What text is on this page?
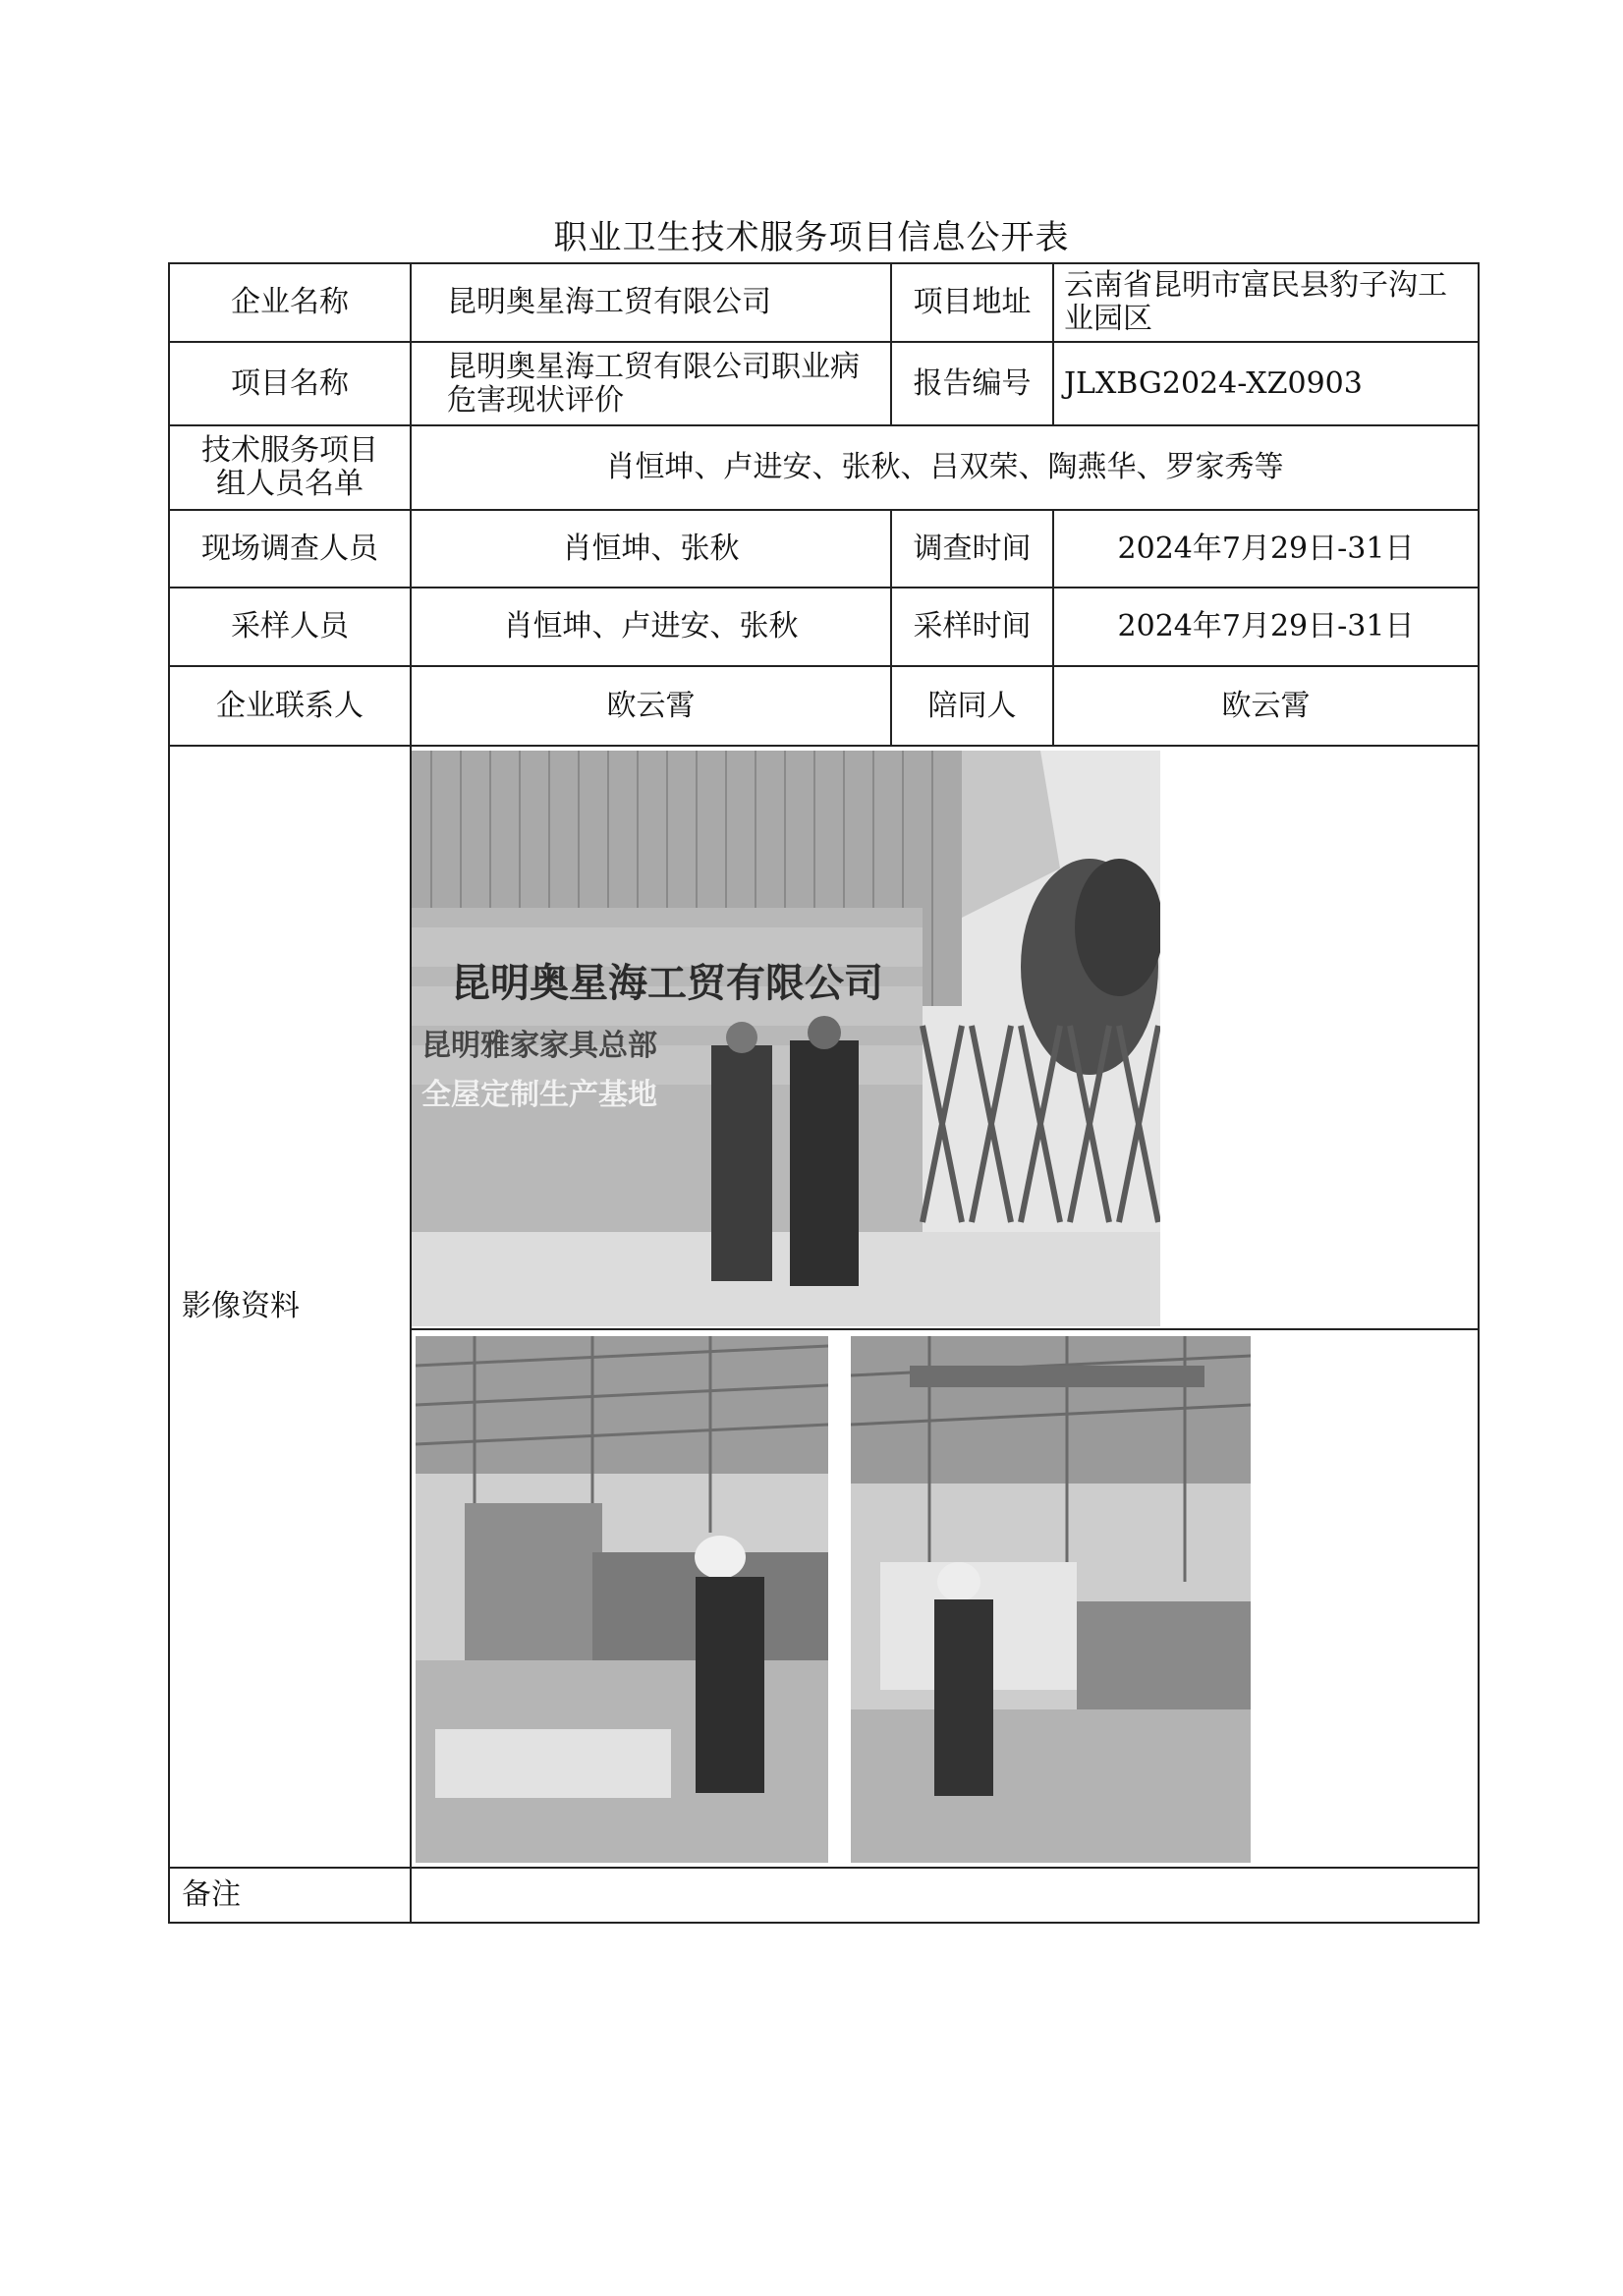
职业卫生技术服务项目信息公开表
企业名称	昆明奥星海工贸有限公司	项目地址	云南省昆明市富民县豹子沟工业园区
项目名称	昆明奥星海工贸有限公司职业病危害现状评价	报告编号	JLXBG2024-XZ0903
技术服务项目组人员名单	肖恒坤、卢进安、张秋、吕双荣、陶燕华、罗家秀等		
现场调查人员	肖恒坤、张秋	调查时间	2024年7月29日-31日
采样人员	肖恒坤、卢进安、张秋	采样时间	2024年7月29日-31日
企业联系人	欧云霄	陪同人	欧云霄
影像资料	昆明奥星海工贸有限公司
昆明雅家家具总部
全屋定制生产基地		

备注			
